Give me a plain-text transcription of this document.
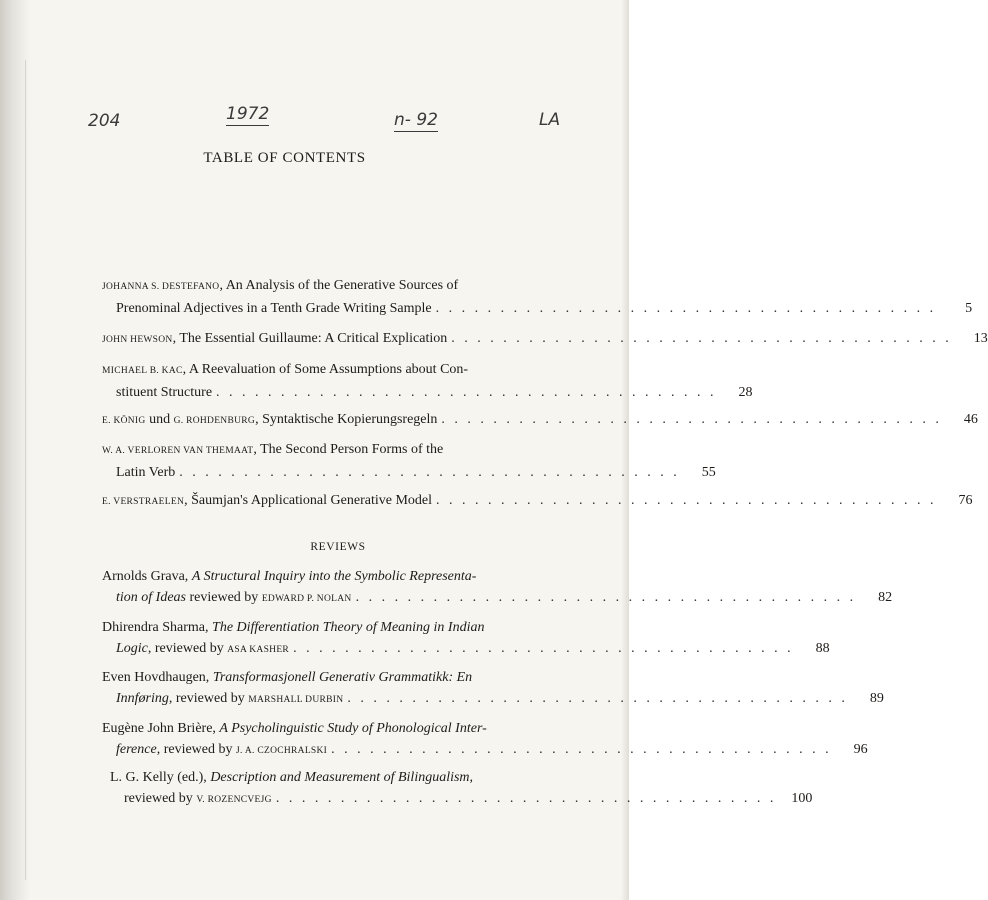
204	1972	n- 92	LA
TABLE OF CONTENTS
JOHANNA S. DESTEFANO , An Analysis of the Generative Sources of
Prenominal Adjectives in a Tenth Grade Writing Sample . . . . . . . . . . . . . . . . . . . . . . . . . . . . . . . . . . . . . . .	5
JOHN HEWSON , The Essential Guillaume: A Critical Explication . . . . . . . . . . . . . . . . . . . . . . . . . . . . . . . . . . . . . . .	13
MICHAEL B. KAC , A Reevaluation of Some Assumptions about Con-
stituent Structure . . . . . . . . . . . . . . . . . . . . . . . . . . . . . . . . . . . . . . .	28
E. KÖNIG und G. ROHDENBURG , Syntaktische Kopierungsregeln . . . . . . . . . . . . . . . . . . . . . . . . . . . . . . . . . . . . . . .	46
W. A. VERLOREN VAN THEMAAT , The Second Person Forms of the
Latin Verb . . . . . . . . . . . . . . . . . . . . . . . . . . . . . . . . . . . . . . .	55
E. VERSTRAELEN , Šaumjan's Applicational Generative Model . . . . . . . . . . . . . . . . . . . . . . . . . . . . . . . . . . . . . . .	76
REVIEWS
Arnolds Grava, A Structural Inquiry into the Symbolic Representa-
tion of Ideas reviewed by EDWARD P. NOLAN . . . . . . . . . . . . . . . . . . . . . . . . . . . . . . . . . . . . . . .	82
Dhirendra Sharma, The Differentiation Theory of Meaning in Indian
Logic , reviewed by ASA KASHER . . . . . . . . . . . . . . . . . . . . . . . . . . . . . . . . . . . . . . .	88
Even Hovdhaugen, Transformasjonell Generativ Grammatikk: En
Innføring , reviewed by MARSHALL DURBIN . . . . . . . . . . . . . . . . . . . . . . . . . . . . . . . . . . . . . . .	89
Eugène John Brière, A Psycholinguistic Study of Phonological Inter-
ference , reviewed by J. A. CZOCHRALSKI . . . . . . . . . . . . . . . . . . . . . . . . . . . . . . . . . . . . . . .	96
L. G. Kelly (ed.), Description and Measurement of Bilingualism,
reviewed by V. ROZENCVEJG . . . . . . . . . . . . . . . . . . . . . . . . . . . . . . . . . . . . . . .	100
